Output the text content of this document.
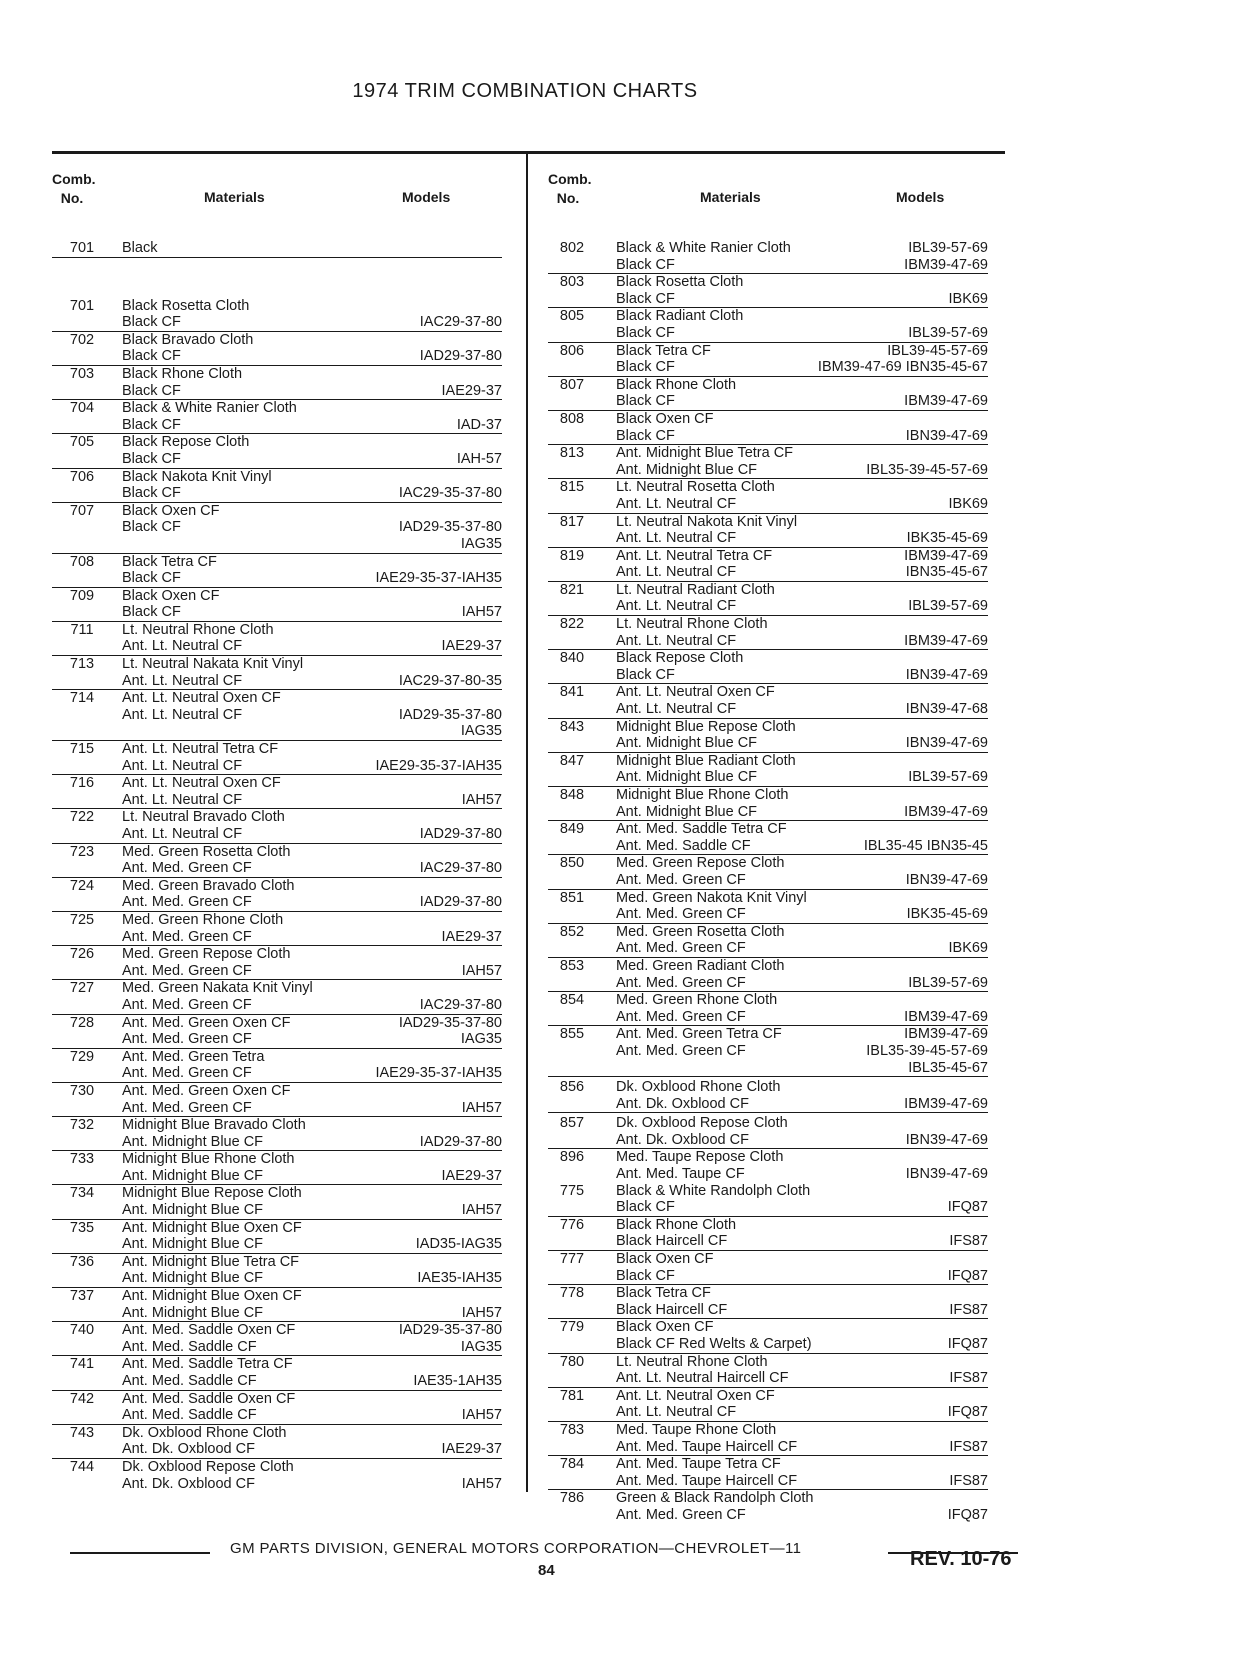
1974 TRIM COMBINATION CHARTS
Comb.
No.	Materials	Models
701	Black
701	Black Rosetta Cloth
Black CF	IAC29-37-80
702	Black Bravado Cloth
Black CF	IAD29-37-80
703	Black Rhone Cloth
Black CF	IAE29-37
704	Black & White Ranier Cloth
Black CF	IAD-37
705	Black Repose Cloth
Black CF	IAH-57
706	Black Nakota Knit Vinyl
Black CF	IAC29-35-37-80
707	Black Oxen CF
Black CF	IAD29-35-37-80
IAG35
708	Black Tetra CF
Black CF	IAE29-35-37-IAH35
709	Black Oxen CF
Black CF	IAH57
711	Lt. Neutral Rhone Cloth
Ant. Lt. Neutral CF	IAE29-37
713	Lt. Neutral Nakata Knit Vinyl
Ant. Lt. Neutral CF	IAC29-37-80-35
714	Ant. Lt. Neutral Oxen CF
Ant. Lt. Neutral CF	IAD29-35-37-80
IAG35
715	Ant. Lt. Neutral Tetra CF
Ant. Lt. Neutral CF	IAE29-35-37-IAH35
716	Ant. Lt. Neutral Oxen CF
Ant. Lt. Neutral CF	IAH57
722	Lt. Neutral Bravado Cloth
Ant. Lt. Neutral CF	IAD29-37-80
723	Med. Green Rosetta Cloth
Ant. Med. Green CF	IAC29-37-80
724	Med. Green Bravado Cloth
Ant. Med. Green CF	IAD29-37-80
725	Med. Green Rhone Cloth
Ant. Med. Green CF	IAE29-37
726	Med. Green Repose Cloth
Ant. Med. Green CF	IAH57
727	Med. Green Nakata Knit Vinyl
Ant. Med. Green CF	IAC29-37-80
728	Ant. Med. Green Oxen CF	IAD29-35-37-80
Ant. Med. Green CF	IAG35
729	Ant. Med. Green Tetra
Ant. Med. Green CF	IAE29-35-37-IAH35
730	Ant. Med. Green Oxen CF
Ant. Med. Green CF	IAH57
732	Midnight Blue Bravado Cloth
Ant. Midnight Blue CF	IAD29-37-80
733	Midnight Blue Rhone Cloth
Ant. Midnight Blue CF	IAE29-37
734	Midnight Blue Repose Cloth
Ant. Midnight Blue CF	IAH57
735	Ant. Midnight Blue Oxen CF
Ant. Midnight Blue CF	IAD35-IAG35
736	Ant. Midnight Blue Tetra CF
Ant. Midnight Blue CF	IAE35-IAH35
737	Ant. Midnight Blue Oxen CF
Ant. Midnight Blue CF	IAH57
740	Ant. Med. Saddle Oxen CF	IAD29-35-37-80
Ant. Med. Saddle CF	IAG35
741	Ant. Med. Saddle Tetra CF
Ant. Med. Saddle CF	IAE35-1AH35
742	Ant. Med. Saddle Oxen CF
Ant. Med. Saddle CF	IAH57
743	Dk. Oxblood Rhone Cloth
Ant. Dk. Oxblood CF	IAE29-37
744	Dk. Oxblood Repose Cloth
Ant. Dk. Oxblood CF	IAH57
Comb.
No.	Materials	Models
802	Black & White Ranier Cloth	IBL39-57-69
Black CF	IBM39-47-69
803	Black Rosetta Cloth
Black CF	IBK69
805	Black Radiant Cloth
Black CF	IBL39-57-69
806	Black Tetra CF	IBL39-45-57-69
Black CF	IBM39-47-69 IBN35-45-67
807	Black Rhone Cloth
Black CF	IBM39-47-69
808	Black Oxen CF
Black CF	IBN39-47-69
813	Ant. Midnight Blue Tetra CF
Ant. Midnight Blue CF	IBL35-39-45-57-69
815	Lt. Neutral Rosetta Cloth
Ant. Lt. Neutral CF	IBK69
817	Lt. Neutral Nakota Knit Vinyl
Ant. Lt. Neutral CF	IBK35-45-69
819	Ant. Lt. Neutral Tetra CF	IBM39-47-69
Ant. Lt. Neutral CF	IBN35-45-67
821	Lt. Neutral Radiant Cloth
Ant. Lt. Neutral CF	IBL39-57-69
822	Lt. Neutral Rhone Cloth
Ant. Lt. Neutral CF	IBM39-47-69
840	Black Repose Cloth
Black CF	IBN39-47-69
841	Ant. Lt. Neutral Oxen CF
Ant. Lt. Neutral CF	IBN39-47-68
843	Midnight Blue Repose Cloth
Ant. Midnight Blue CF	IBN39-47-69
847	Midnight Blue Radiant Cloth
Ant. Midnight Blue CF	IBL39-57-69
848	Midnight Blue Rhone Cloth
Ant. Midnight Blue CF	IBM39-47-69
849	Ant. Med. Saddle Tetra CF
Ant. Med. Saddle CF	IBL35-45 IBN35-45
850	Med. Green Repose Cloth
Ant. Med. Green CF	IBN39-47-69
851	Med. Green Nakota Knit Vinyl
Ant. Med. Green CF	IBK35-45-69
852	Med. Green Rosetta Cloth
Ant. Med. Green CF	IBK69
853	Med. Green Radiant Cloth
Ant. Med. Green CF	IBL39-57-69
854	Med. Green Rhone Cloth
Ant. Med. Green CF	IBM39-47-69
855	Ant. Med. Green Tetra CF	IBM39-47-69
Ant. Med. Green CF	IBL35-39-45-57-69
IBL35-45-67
856	Dk. Oxblood Rhone Cloth
Ant. Dk. Oxblood CF	IBM39-47-69
857	Dk. Oxblood Repose Cloth
Ant. Dk. Oxblood CF	IBN39-47-69
896	Med. Taupe Repose Cloth
Ant. Med. Taupe CF	IBN39-47-69
775	Black & White Randolph Cloth
Black CF	IFQ87
776	Black Rhone Cloth
Black Haircell CF	IFS87
777	Black Oxen CF
Black CF	IFQ87
778	Black Tetra CF
Black Haircell CF	IFS87
779	Black Oxen CF
Black CF Red Welts & Carpet)	IFQ87
780	Lt. Neutral Rhone Cloth
Ant. Lt. Neutral Haircell CF	IFS87
781	Ant. Lt. Neutral Oxen CF
Ant. Lt. Neutral CF	IFQ87
783	Med. Taupe Rhone Cloth
Ant. Med. Taupe Haircell CF	IFS87
784	Ant. Med. Taupe Tetra CF
Ant. Med. Taupe Haircell CF	IFS87
786	Green & Black Randolph Cloth
Ant. Med. Green CF	IFQ87
GM PARTS DIVISION, GENERAL MOTORS CORPORATION—CHEVROLET—11
84
REV. 10-76
